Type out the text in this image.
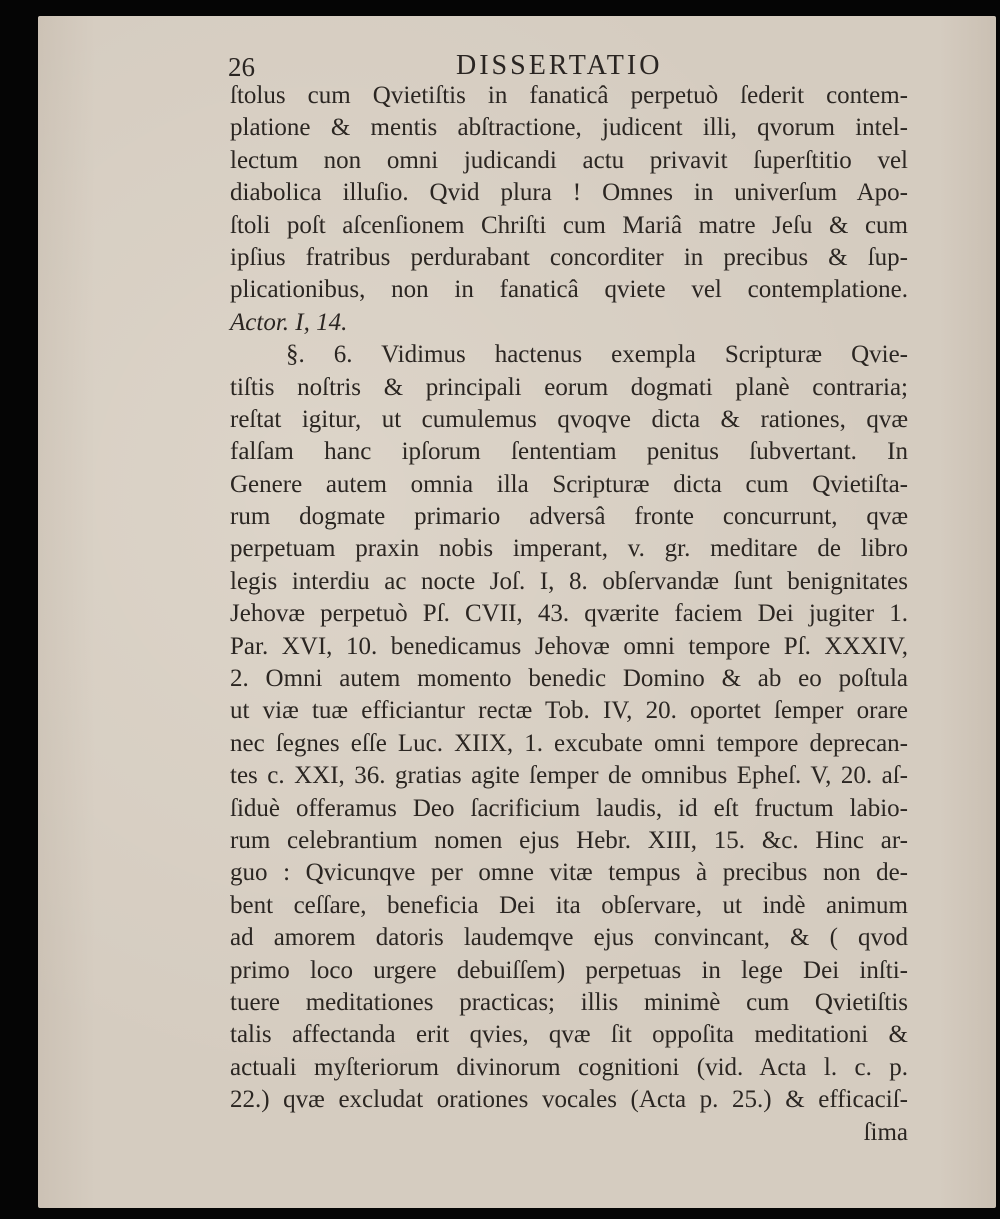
26	DISSERTATIO
ſtolus cum Qvietiſtis in fanaticâ perpetuò ſederit contem-
platione & mentis abſtractione, judicent illi, qvorum intel-
lectum non omni judicandi actu privavit ſuperſtitio vel
diabolica illuſio. Qvid plura ! Omnes in univerſum Apo-
ſtoli poſt aſcenſionem Chriſti cum Mariâ matre Jeſu & cum
ipſius fratribus perdurabant concorditer in precibus & ſup-
plicationibus, non in fanaticâ qviete vel contemplatione.
Actor. I, 14.
§. 6. Vidimus hactenus exempla Scripturæ Qvie-
tiſtis noſtris & principali eorum dogmati planè contraria;
reſtat igitur, ut cumulemus qvoqve dicta & rationes, qvæ
falſam hanc ipſorum ſententiam penitus ſubvertant. In
Genere autem omnia illa Scripturæ dicta cum Qvietiſta-
rum dogmate primario adversâ fronte concurrunt, qvæ
perpetuam praxin nobis imperant, v. gr. meditare de libro
legis interdiu ac nocte Joſ. I, 8. obſervandæ ſunt benignitates
Jehovæ perpetuò Pſ. CVII, 43. qværite faciem Dei jugiter 1.
Par. XVI, 10. benedicamus Jehovæ omni tempore Pſ. XXXIV,
2. Omni autem momento benedic Domino & ab eo poſtula
ut viæ tuæ efficiantur rectæ Tob. IV, 20. oportet ſemper orare
nec ſegnes eſſe Luc. XIIX, 1. excubate omni tempore deprecan-
tes c. XXI, 36. gratias agite ſemper de omnibus Epheſ. V, 20. aſ-
ſiduè offeramus Deo ſacrificium laudis, id eſt fructum labio-
rum celebrantium nomen ejus Hebr. XIII, 15. &c. Hinc ar-
guo : Qvicunqve per omne vitæ tempus à precibus non de-
bent ceſſare, beneficia Dei ita obſervare, ut indè animum
ad amorem datoris laudemqve ejus convincant, & ( qvod
primo loco urgere debuiſſem) perpetuas in lege Dei inſti-
tuere meditationes practicas; illis minimè cum Qvietiſtis
talis affectanda erit qvies, qvæ ſit oppoſita meditationi &
actuali myſteriorum divinorum cognitioni (vid. Acta l. c. p.
22.) qvæ excludat orationes vocales (Acta p. 25.) & efficaciſ-
ſima
